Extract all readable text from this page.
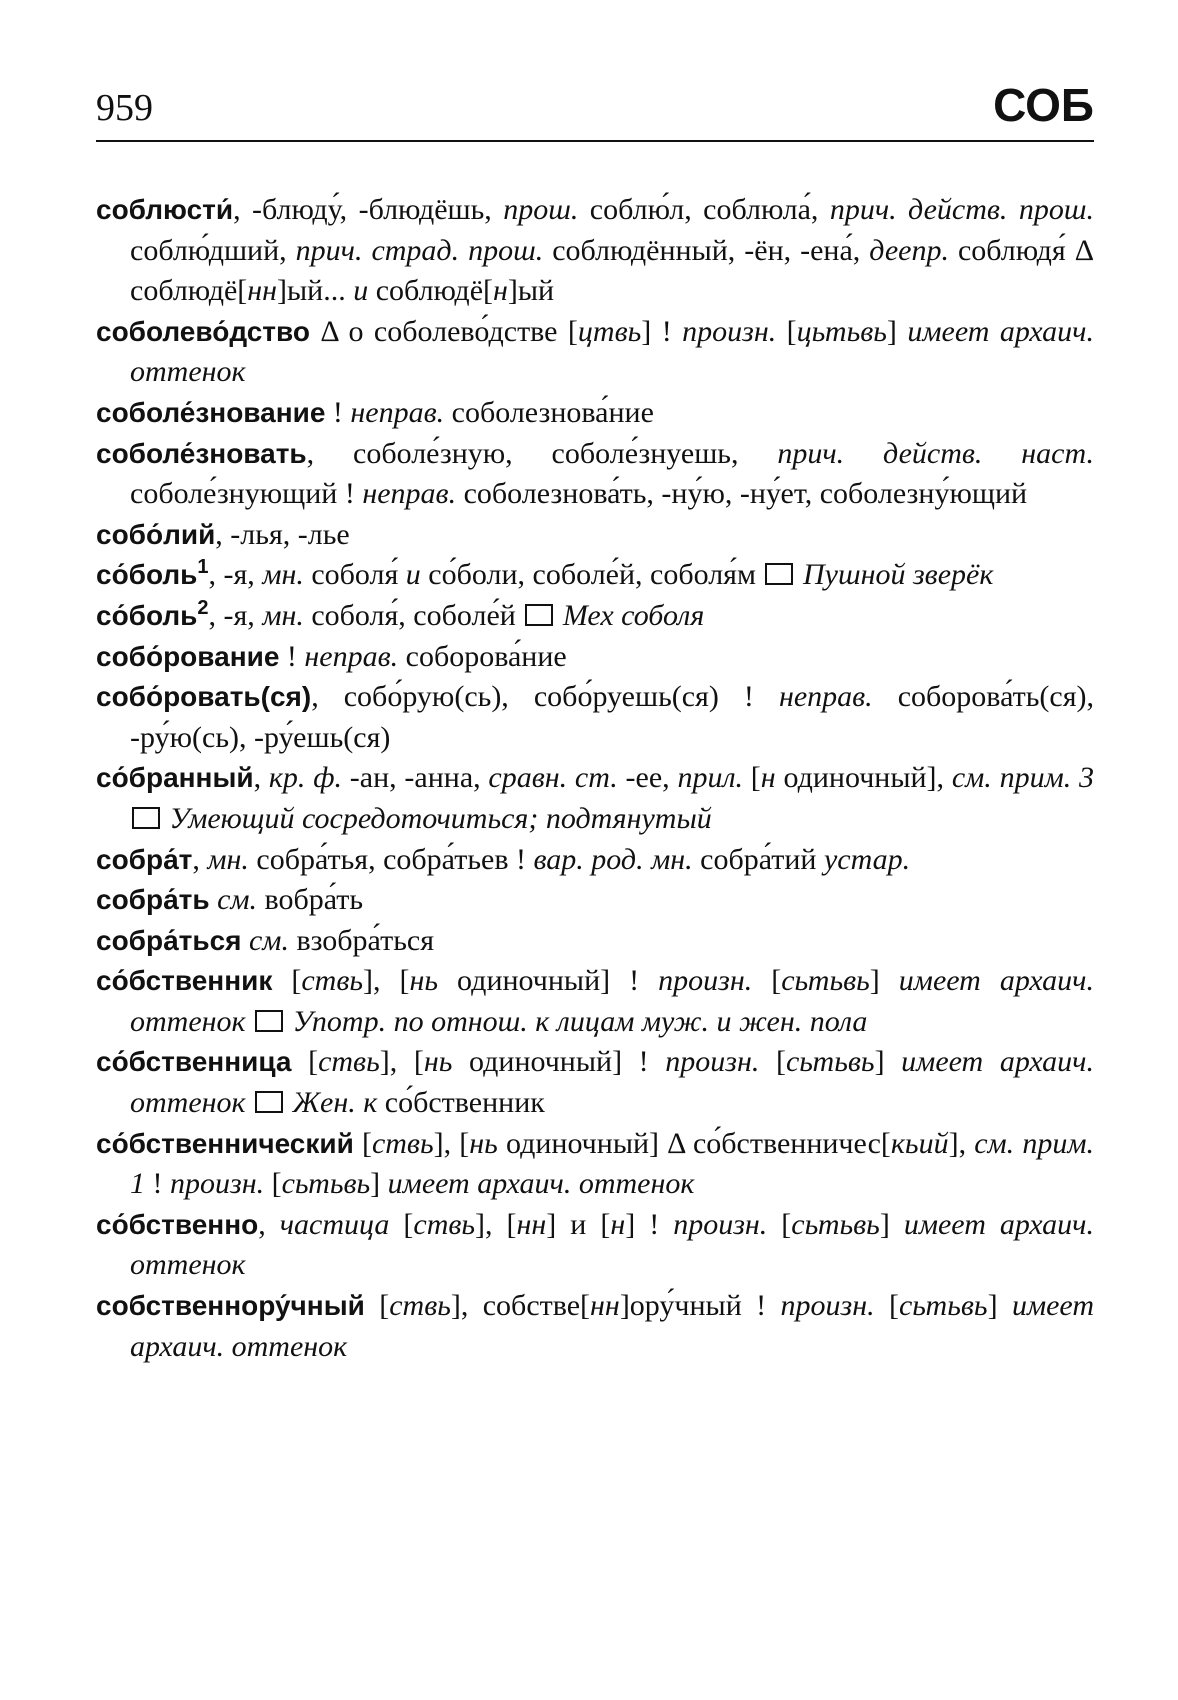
959	СОБ
соблюсти́, -блюду́, -блюдёшь, прош. соблю́л, соблюла́, прич. действ. прош. соблю́дший, прич. страд. прош. соблюдённый, -ён, -ена́, деепр. соблюдя́ Δ соблюдё[нн]ый... и соблюдё[н]ый
соболево́дство Δ о соболево́дстве [цтвь] ! произн. [цьтьвь] имеет архаич. оттенок
соболе́знование ! неправ. соболезнова́ние
соболе́зновать, соболе́зную, соболе́знуешь, прич. действ. наст. соболе́знующий ! неправ. соболезнова́ть, -ну́ю, -ну́ет, соболезну́ющий
собо́лий, -лья, -лье
со́боль$^1$, -я, мн. соболя́ и со́боли, соболе́й, соболя́м  Пушной зверёк
со́боль$^2$, -я, мн. соболя́, соболе́й  Мех соболя
собо́рование ! неправ. соборова́ние
собо́ровать(ся), собо́рую(сь), собо́руешь(ся) ! неправ. соборова́ть(ся), -ру́ю(сь), -ру́ешь(ся)
со́бранный, кр. ф. -ан, -анна, сравн. ст. -ее, прил. [н одиночный], см. прим. 3  Умеющий сосредоточиться; подтянутый
собра́т, мн. собра́тья, собра́тьев ! вар. род. мн. собра́тий устар.
собра́ть см. вобра́ть
собра́ться см. взобра́ться
со́бственник [ствь], [нь одиночный] ! произн. [сьтьвь] имеет архаич. оттенок Употр. по отнош. к лицам муж. и жен. пола
со́бственница [ствь], [нь одиночный] ! произн. [сьтьвь] имеет архаич. оттенок Жен. к со́бственник
со́бственнический [ствь], [нь одиночный] Δ со́бственничес[кьий], см. прим. 1 ! произн. [сьтьвь] имеет архаич. оттенок
со́бственно, частица [ствь], [нн] и [н] ! произн. [сьтьвь] имеет архаич. оттенок
собственнору́чный [ствь], собстве[нн]ору́чный ! произн. [сьтьвь] имеет архаич. оттенок
